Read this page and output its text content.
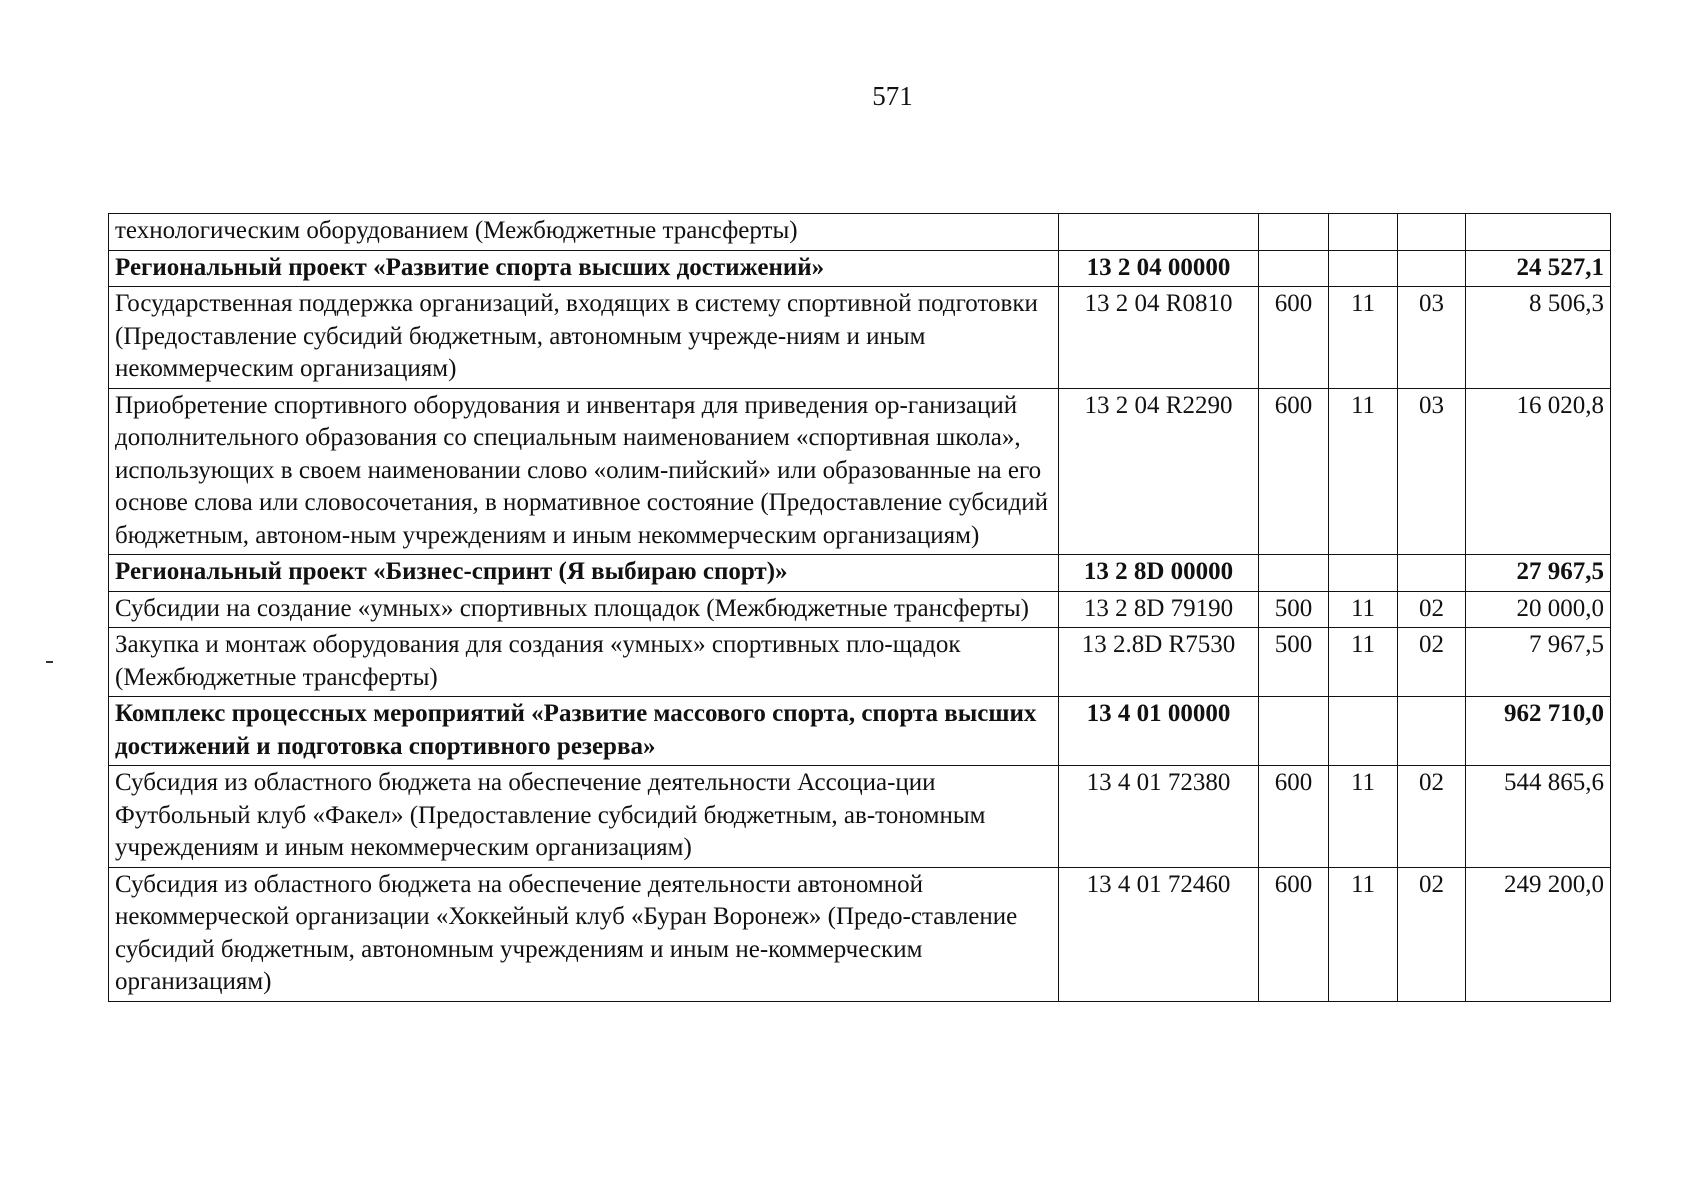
571
технологическим оборудованием (Межбюджетные трансферты)					
Региональный проект «Развитие спорта высших достижений»	13 2 04 00000				24 527,1
Государственная поддержка организаций, входящих в систему спортивной подготовки (Предоставление субсидий бюджетным, автономным учрежде-ниям и иным некоммерческим организациям)	13 2 04 R0810	600	11	03	8 506,3
Приобретение спортивного оборудования и инвентаря для приведения ор-ганизаций дополнительного образования со специальным наименованием «спортивная школа», использующих в своем наименовании слово «олим-пийский» или образованные на его основе слова или словосочетания, в нормативное состояние (Предоставление субсидий бюджетным, автоном-ным учреждениям и иным некоммерческим организациям)	13 2 04 R2290	600	11	03	16 020,8
Региональный проект «Бизнес-спринт (Я выбираю спорт)»	13 2 8D 00000				27 967,5
Субсидии на создание «умных» спортивных площадок (Межбюджетные трансферты)	13 2 8D 79190	500	11	02	20 000,0
Закупка и монтаж оборудования для создания «умных» спортивных пло-щадок (Межбюджетные трансферты)	13 2.8D R7530	500	11	02	7 967,5
Комплекс процессных мероприятий «Развитие массового спорта, спорта высших достижений и подготовка спортивного резерва»	13 4 01 00000				962 710,0
Субсидия из областного бюджета на обеспечение деятельности Ассоциа-ции Футбольный клуб «Факел» (Предоставление субсидий бюджетным, ав-тономным учреждениям и иным некоммерческим организациям)	13 4 01 72380	600	11	02	544 865,6
Субсидия из областного бюджета на обеспечение деятельности автономной некоммерческой организации «Хоккейный клуб «Буран Воронеж» (Предо-ставление субсидий бюджетным, автономным учреждениям и иным не-коммерческим организациям)	13 4 01 72460	600	11	02	249 200,0
